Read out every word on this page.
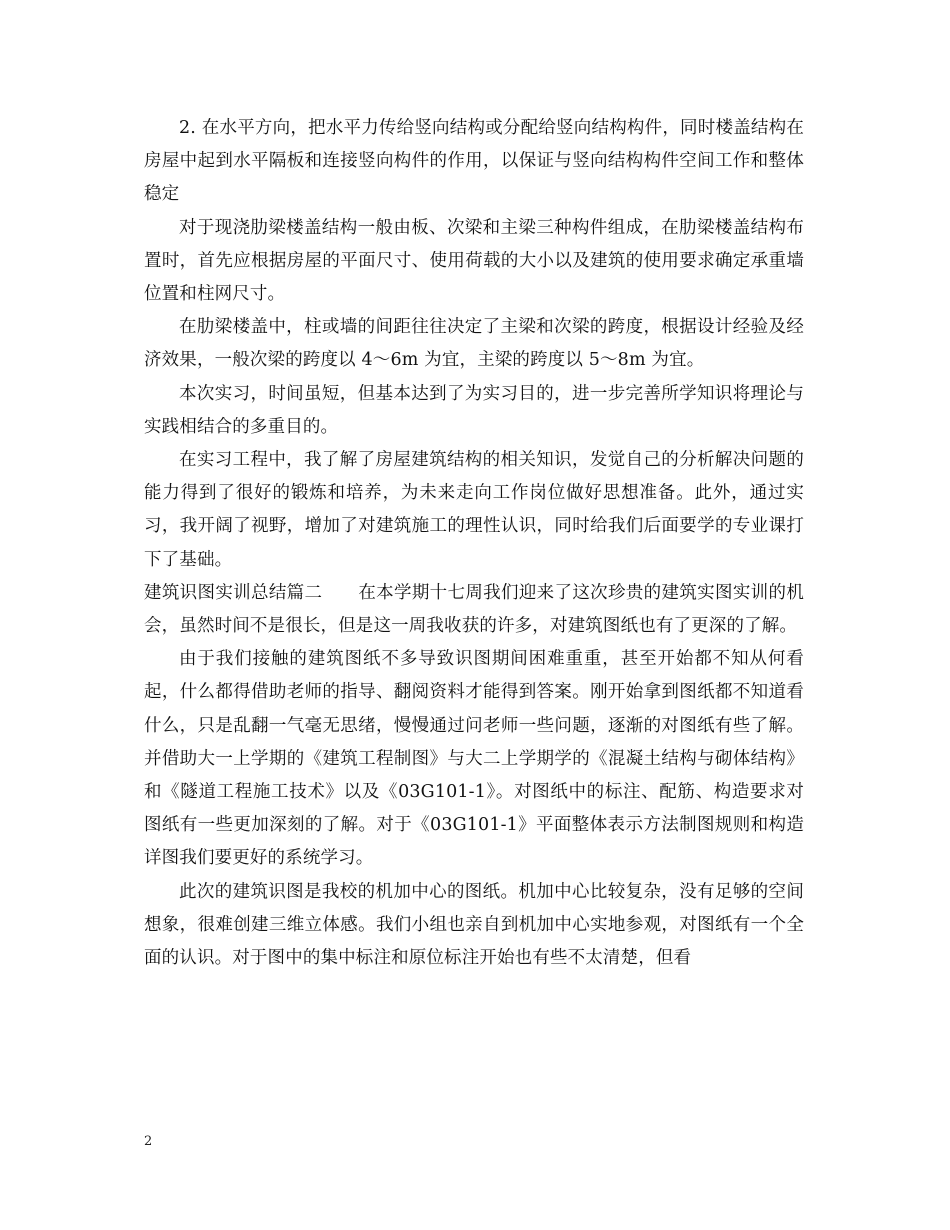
2. 在水平方向，把水平力传给竖向结构或分配给竖向结构构件，同时楼盖结构在房屋中起到水平隔板和连接竖向构件的作用，以保证与竖向结构构件空间工作和整体稳定

对于现浇肋梁楼盖结构一般由板、次梁和主梁三种构件组成，在肋梁楼盖结构布置时，首先应根据房屋的平面尺寸、使用荷载的大小以及建筑的使用要求确定承重墙位置和柱网尺寸。

在肋梁楼盖中，柱或墙的间距往往决定了主梁和次梁的跨度，根据设计经验及经济效果，一般次梁的跨度以 4～6m 为宜，主梁的跨度以 5～8m 为宜。

本次实习，时间虽短，但基本达到了为实习目的，进一步完善所学知识将理论与实践相结合的多重目的。

在实习工程中，我了解了房屋建筑结构的相关知识，发觉自己的分析解决问题的能力得到了很好的锻炼和培养，为未来走向工作岗位做好思想准备。此外，通过实习，我开阔了视野，增加了对建筑施工的理性认识，同时给我们后面要学的专业课打下了基础。

建筑识图实训总结篇二 在本学期十七周我们迎来了这次珍贵的建筑实图实训的机会，虽然时间不是很长，但是这一周我收获的许多，对建筑图纸也有了更深的了解。

由于我们接触的建筑图纸不多导致识图期间困难重重，甚至开始都不知从何看起，什么都得借助老师的指导、翻阅资料才能得到答案。刚开始拿到图纸都不知道看什么，只是乱翻一气毫无思绪，慢慢通过问老师一些问题，逐渐的对图纸有些了解。并借助大一上学期的《建筑工程制图》与大二上学期学的《混凝土结构与砌体结构》和《隧道工程施工技术》以及《03G101-1》。对图纸中的标注、配筋、构造要求对图纸有一些更加深刻的了解。对于《03G101-1》平面整体表示方法制图规则和构造详图我们要更好的系统学习。

此次的建筑识图是我校的机加中心的图纸。机加中心比较复杂，没有足够的空间想象，很难创建三维立体感。我们小组也亲自到机加中心实地参观，对图纸有一个全面的认识。对于图中的集中标注和原位标注开始也有些不太清楚，但看

2
